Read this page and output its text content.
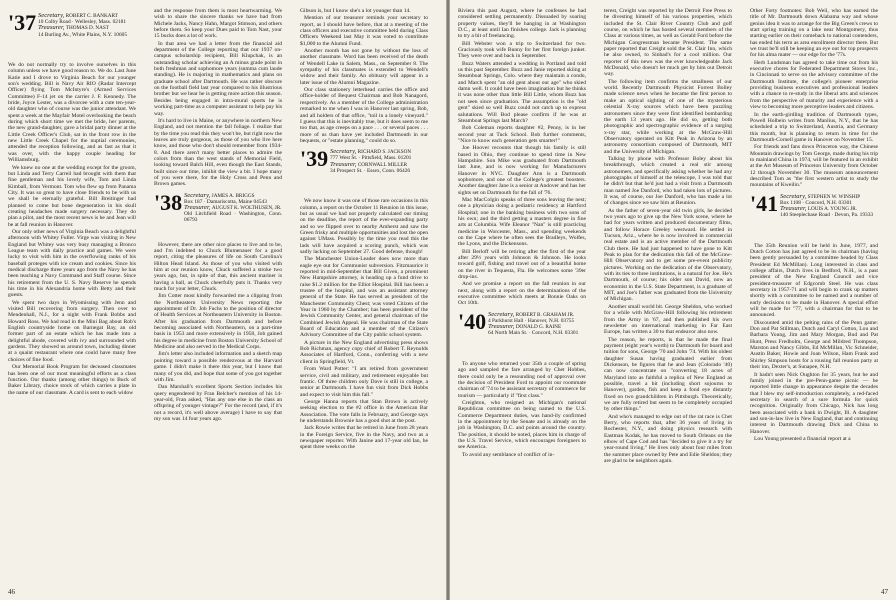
'37 Secretary, ROBERT C. BANKART
10 Colby Road · Wellesley, Mass. 02181
Treasurer, THOMAS D. NAST
14 Burling Av., White Plains, N.Y. 10605

We do not normally try to involve ourselves in this column unless we have good reason to. We do. Last June Katie and I drove to Virginia Beach for our younger son's wedding. Bill is Navy Air RIO (Radar Intercept Officer) flying Tom McIntyre's (Armed Services Committee) F-14 jet on the carrier J. F. Kennedy. The bride, Joyce Lester, was a divorcee with a cute ten-year-old daughter who of course was the junior attendant. We spent a week at the Mayfair Motel overlooking the beach during which short time we met the bride, her parents, the new grand-daughter, gave a bridal party dinner at the Little Creek Officer's Club, sat in the front row in the new Little Creek Chapel for the nuptial ceremonies, attended the reception following, and as fast as that it was over, with the happy couple heading for Williamsburg.

We knew no one at the wedding except for the groom, but Linda and Terry Carreil had brought with them that fine gentleman and his lovely wife, Tom and Linda Kimball, from Vermont. Tom who flew up from Panama City. It was so great to have close friends to be with us we shall be eternally grateful. Bill Breitinger had planned to come but bone degeneration in his skull creating headaches made surgery necessary. They do plan a pilot, and the most recent news is he and Jean will be at fall reunion in Hanover.

Our only other news of Virginia Beach was a delightful afternoon with Whitey Fuller. Virge was visiting in New England but Whitey was very busy managing a Bronco League team with daily practice and games. We were lucky to visit with him in the overflowing ranks of his baseball proteges with ice cream and cookies. Since his medical discharge three years ago from the Navy he has been teaching a Navy Command and Staff course. Since his retirement from the U. S. Navy Reserve he spends his time in his Alexandria home with Betty and their guests.

We spent two days in Wyomissing with Jenn and visited Bill recovering from surgery. Then over to Mendenhall, N.J., for a night with Frank Bobbs and Howard Ross. We had read in the Mini Bag about Rob's English countryside home on Barnegat Bay, an old former part of an estate which he has made into a delightful abode, covered with ivy and surrounded with gardens. They showed us around town, including dinner at a quaint restaurant where one could have many free choices of fine food.

Our Memorial Book Program for deceased classmates has been one of our most meaningful efforts as a class function. Our thanks (among other things) to Buck of Baker Library, choice stock of which carries a plate in the name of our classmate. A card is sent to each widow

and the response from them is most heartwarming. We wish to share the sincere thanks we have had from Michele Jacks, Nancy Hahn, Margot Stimson, and others before them. So keep your Dues paid to Tom Nast, your 15 bucks does a lot of work.

In that area we had a letter from the financial aid department of the College reporting that our 1937 on-campus scholarship recipient, Bill Klupchak, is an outstanding scholar achieving an A minus grade point in both freshman and sophomore years (summa cum laude standing). He is majoring in mathematics and plans on graduate school after Dartmouth. He was rather obscure on the football field last year compared to his illustrious brother but we hear he is getting more action this season. Besides being engaged in intra-mural sports he is working part-time as a computer assistant to help pay his way.

It's hard to live in Maine, or anywhere in northern New England, and not mention the fall foliage. I realize that by the time you read this they won't be, but right now the leaves are truly gorgeous, as those of you who live here know, and those who don't should remember from 1934-8. And there aren't many better places to admire the colors from than the west stands of Memorial Field, looking toward Balch Hill, even though the East Stands, built since our time, inhibit the view a bit. I hope many of you were there, for the Holy Cross and Penn and Brown games.

'38 Secretary, JAMES A. BRIGGS
Box 187 · Damariscotta, Maine 04543
Treasurer, AUGUST K. WOLTHUSEN, JR.
Old Litchfield Road · Washington, Conn. 06793

However, there are other nice places to live and to be, and I'm indebted to Chuck Blumenauer for a good report, citing the pleasures of life on South Carolina's Hilton Head Island. As those of you who visited with him at our reunion know, Chuck suffered a stroke two years ago, but, in spite of that, this ancient mariner is having a ball, as Chuck cheerfully puts it. Thanks very much for your letter, Chuck.

Jim Cotter most kindly forwarded me a clipping from the Northeastern University News reporting the appointment of Dr. Job Fuchs to the position of director of Health Services at Northeastern University in Boston. After his graduation from Dartmouth and before becoming associated with Northeastern, on a part-time basis in 1953 and more extensively in 1958, Job gained his degree in medicine from Boston University School of Medicine and also served in the Medical Corps.

Jim's letter also included information and a sketch map pointing toward a possible rendezvous at the Harvard game. I didn't make it there this year, but I know that many of you did, and hope that some of you got together with Jim.

Dan Marshall's excellent Sports Section includes his query engendered by Fran Belcher's mention of his 14-year-old, Fran asked, "Has any one else in the class an offspring of younger vintage?" For the record (and, if it's not a record, it's well above average) I have to say that my son was 14 four years ago.

Gibson is, but I know she's a lot younger than 14.

Mention of our treasurer reminds your secretary to report, as I should have before, that at a meeting of the class officers and executive committee held during Class Officers Weekend last May it was voted to contribute $1,000 to the Alumni Fund.

Another month has not gone by without the loss of another classmate. Word has been received of the death of Wendell Lake in Salem, Mass., on September 8. The sympathy of his classmates is extended to Wendell's widow and their family. An obituary will appear in a later issue of the Alumni Magazine.

Our class stationery letterhead carries the office and office-holder of Bequest Chairman and Bob Nanagord, respectively. As a member of the College administration remarked to me when I was in Hanover last spring, Bob, and all holders of that office, "toil in a lonely vineyard." I guess that this is inevitably true, but it does seem to me too that, as age creeps on a pace . . . or several paces . . . more of us than have yet included Dartmouth in our bequests, or "estate planning," could do so.

'39 Secretary, RICHARD S. JACKSON
777 West St. · Pittsfield, Mass. 01201
Treasurer, CORNWALL MILLER
34 Prospect St. · Essex, Conn. 06426

We now know it was one of those rare occasions in this column, a report on the October 11 Reunion in this issue, but as usual we had not properly calculated our timing on the deadline, the report of the ever-expanding party and so we flipped over to nearby Amherst and saw the Green frisky and multiple opportunities and lost the open against UMass. Possibly by the time you read this the lads will have acquired a scoring punch, which was sadly lacking on September 27. Good defense, though!

The Manchester Union-Leader does now more than eagle eye out for Communist subversion. Fitzmaurice it reported in mid-September that Bill Given, a prominent New Hampshire attorney, is heading up a fund drive to raise $1.2 million for the Elliot Hospital. Bill has been a trustee of the hospital, and was an assistant attorney general of the State. He has served as president of the Manchester Community Chest; was voted Citizen of the Year in 1960 by the Chamber; has been president of the Jewish Community Center, and general chairman of the Combined Jewish Appeal. He was chairman of the State Board of Education and a member of the Citizen's Advisory Committee of the City public school system.

A picture in the New England advertising press shows Bob Richman, agency copy chief of Robert T. Reynolds Associates of Hartford, Conn., conferring with a new client in Springfield, Vt.

From Ward Potter: "I am retired from government service, civil and military, and retirement enjoyable but frantic. Of three children only Dave is still in college, a senior at Dartmouth. I have fun visit from Dick Hobbs and expect to visit him this fall."

George Hanna reports that Stan Brown is actively seeking election to the #2 office in the American Bar Association. The vote falls in February, and George says he understands Brownie has a good shot at the post.

Jack Rowie writes that he retired in June from 28 years in the Foreign Service, five in the Navy, and two as a newspaper reporter. With Janine and 17-year old Ian, he spent three weeks on the

46

Riviera this past August, where he confesses he had considered settling permanently. Dissuaded by soaring property values, they'll be hanging in at Washington D.C., at least until Ian finishes college. Jack is planning to try a bit of freelancing.

Bill Webster won a trip to Switzerland for two. Graciously took wife Bunny for her first foreign junket. They were over and back in September.

Buzz Waters attended a wedding in Portland and told us this past September. Buzz and Janie reported skiing at Steamboat Springs, Colo. where they maintain a condo, and March spent "an old gent about our age" who skied damn well. It could have been imagination but he thinks it was none other than little Bill Little, whom Buzz has not seen since graduation. The assumption is the "old gent" skied so well Buzz could not catch up to express salutations. Will Bod please confirm if he was at Steamboat Springs last March?

Bob Coleman reports daughter #2, Penny, is in her second year at Tuck School. Bob further comments, "Nice to know each generation gets smarter!"

Joe Hoover recounts that though his family is still based in Ohio, they continue to spend time in New Hampshire. Son Mike was graduated from Dartmouth last June, and is now working for Manufacturers Hanover in NYC. Daughter Ann is a Dartmouth sophomore, and one of the College's greatest boosters. Another daughter Jane is a senior at Andover and has her sights set on Dartmouth for the fall of '76.

Mac MacColgin speaks of three sons leaving the nest; one a physician doing a pediatric residency at Hartford Hospital; one in the banking business with two sons of his own; and the third getting a masters degree in fine arts at Columbia. Wife Eleanor "Nan" is still practicing medicine in Worcester, Mass., and spending weekends on the Cape where he often sees the Bradleys, Wolfes, the Lyons, and the Dickensons.

Bill Berloff will be retiring after the first of the year after 29½ years with Johnson & Johnson. He looks toward golf, fishing and travel out of a beautiful home on the river in Tequesta, Fla. He welcomes some '39er drop-ins.

And we promise a report on the fall reunion in our next, along with a report on the determinations of the executive committee which meets at Bonnie Oaks on Oct 10th.

'40 Secretary, ROBERT B. GRAHAM JR.
4 Parkhurst Hall · Hanover, N.H. 03755
Treasurer, DONALD G. RAINE
64 North Main St. · Concord, N.H. 03301

To anyone who returned your 35th a couple of spring ago and sampled the fare arranged by Chet Hobbes, there could only be a resounding nod of approval over the decision of President Ford to appoint our roommate chairman of '74 to be assistant secretary of commerce for tourism — particularly if "first class."

Creighton, who resigned as Michigan's national Republican committee on being named to the U.S. Commerce Department duties, was hand-ily confirmed in the appointment by the Senate and is already on the job in Washington, D.C. and points around the country. The position, it should be noted, places him in charge of the U.S. Travel Service, which encourages foreigners to see America.

To avoid any semblance of conflict of in-

terest, Creight was reported by the Detroit Free Press to be divesting himself of his various properties, which included the St. Clair River Country Club and golf course, on which he has hosted several members of the Class at various times, as well as Gerald Ford before the Michigan Congressman became President. The same paper reported that Creight sold the St. Clair Inn, which he also owned, to Sinbad's for a cool million. Our reporter of this news was the ever knowledgeable Jack McDonald, who doesn't let much get by him out Detroit way.

The following item confirms the smallness of our world. Recently Dartmouth Physicist Forrest Bolley made science news when he became the first person to make an optical sighting of one of the mysterious celestial X-ray sources which have been puzzling astronomers since they were first identified bombarding the earth 13 years ago. He did so, getting both photographic and spectrographic evidence of a surging x-ray star, while working at the McGraw-Hill Observatory operated on Kitt Peak in Arizona by an astronomy consortium composed of Dartmouth, MIT and the University of Michigan.

Talking by phone with Professor Boley about his breakthrough, which created a real stir among astronomers, and specifically asking whether he had any photographs of himself at the telescope, I was told that he didn't but that he'd just had a visit from a Dartmouth man named Joe Danford, who had taken lots of pictures. It was, of course, our Joe Danford, who has made a lot of changes since we saw him at Reunion.

As the father of seven-year old twin girls, he decided two years ago to give up the New York scene, where he had for years written and produced documentary films, and follow Horace Greeley westward. He settled in Tucson, Ariz., where he is now involved in commercial real estate and is an active member of the Dartmouth Club there. He had just happened to have gone to Kitt Peak to plan for the dedication this fall of the McGraw-Hill Observatory and to get some pre-event publicity pictures. Working on the dedication of the Observatory, with its ties to three institutions, is a natural for Joe. He's Dartmouth, of course; his older son David, now an economist in the U.S. State Department, is a graduate of MIT, and Joe's father was graduated from the University of Michigan.

Another small world bit. George Sheldon, who worked for a while with McGraw-Hill following his retirement from the Army in '67, and then published his own newsletter on international marketing in Far East Europe, has written a 30 to that endeavor also now.

The reason, he reports, is that he made the final payment (eight year's worth) to Dartmouth for board and tuition for sons, George '70 and John '74. With his oldest daughter Susan having graduated earlier from Dickenson, he figures that he and Jean (Colorado '40) can now concentrate on "converting 18 acres of Maryland into as faithful a replica of New England as possible, travel a bit (including short sojourns to Hanover), garden, fish and keep a fond eye distantly fixed on two grandchildren in Pittsburgh. Theoretically, we are fully retired but seem to be completely occupied by other things."

And who's managed to edge out of the rat race is Chet Berry, who reports that, after 36 years of living in Rochester, N.Y., and doing physics research with Eastman Kodak, he has moved to South Orleans on the elbow of Cape Cod and has "decided to give it a try for year-round living." He lives only about four miles from the summer place owned by Pete and Edie Sheldon; they are glad to be neighbors again.

Other Forty footnotes: Bob Weil, who has earned the title of Mr. Dartmouth down Alabama way and whose genius idea it was to arrange for the Big Green's crews to start spring training on a lake near Montgomery, thus starting earlier on their comeback to national contenders, has ended his term as area enrollment director there. But we trust he'll still be keeping an eye out for top prospects for his alma mater — our edge for the '77s.

Herb Lundsman has agreed to take time out from his executive chores for Federated Department Stores Inc., in Cincinnati to serve on the advisory committee of the Dartmouth Institute, the college's pioneer enterprise providing business executives and professional leaders with a chance to re-study in the liberal arts and sciences from the perspective of maturity and experience with a view to becoming more perceptive leaders and citizens.

In the earth-girdling tradition of Dartmouth types, Powell Holbein writes from Manlius, N.Y., that he has scheduled a trip to Switzerland, Austria, and Germany this month, but is planning to return in time for the Dartmouth-Cornell game in Hanover on November 15.

For friends and fans down Princeton way, the Chinese Mountain drawings by Tom George, made during his trip to mainland China in 1974, will be featured in an exhibit at the Art Museum of Princeton University from October 12 through November 30. The museum announcement described Tom as "the first western artist to study the mountains of Kweilin."

'41 Secretary, STEPHEN W. WINSHIP
Box 1108 · Concord, N.H. 03301
Treasurer, LOUIS A. YOUNG JR.
140 Steeplechase Road · Devon, Pa. 19333

The 35th Reunion will be held in June, 1977, and Dutch Cotton has just agreed to be its chairman (having been gently persuaded by a committee headed by Class President Ed McMillan). Long interested in class and college affairs, Dutch lives in Bedford, N.H., is a past president of the New England Council and vice president-treasurer of Edgcomb Steel. He was class secretary in 1957-71 and will begin to crank up matters shortly with a committee to be named and a number of early decisions to be made in Hanover. A special effort will be made for "77, with a chairman for that to be announced.

Discounted amid the pelting rains of the Penn game: Don and Pat Stillman, Dutch and Caryl Cotton, Lou and Barbara Young, Jim and Mary Morgan, Bud and Pat Hunt, Press Fredholm, George and Mildred Thompson, Marston and Nancy Gibbs, Ed McMillan, Vic Schneider, Austin Baker, Howie and Joan Wilson, Ham Frank and Shirley Simpson hosts for a rousing fall reunion party at their inn, Dexter's, at Sunapee, N.H.

It hadn't seen Nick Oughton for 35 years, but he and family joined in the pre-Penn-game picnic — he reported little change in appearance despite the decades that I blew my self-introduction completely, a red-faced secretary in search of a sure formula for quick recognition. Originally from Chicago, Nick has long been associated with a bank in Dwight, Ill. A daughter and son-in-law live in New England, that and continuing interest in Dartmouth drawing Dick and China to Hanover.

Lou Young presented a financial report at a

47
